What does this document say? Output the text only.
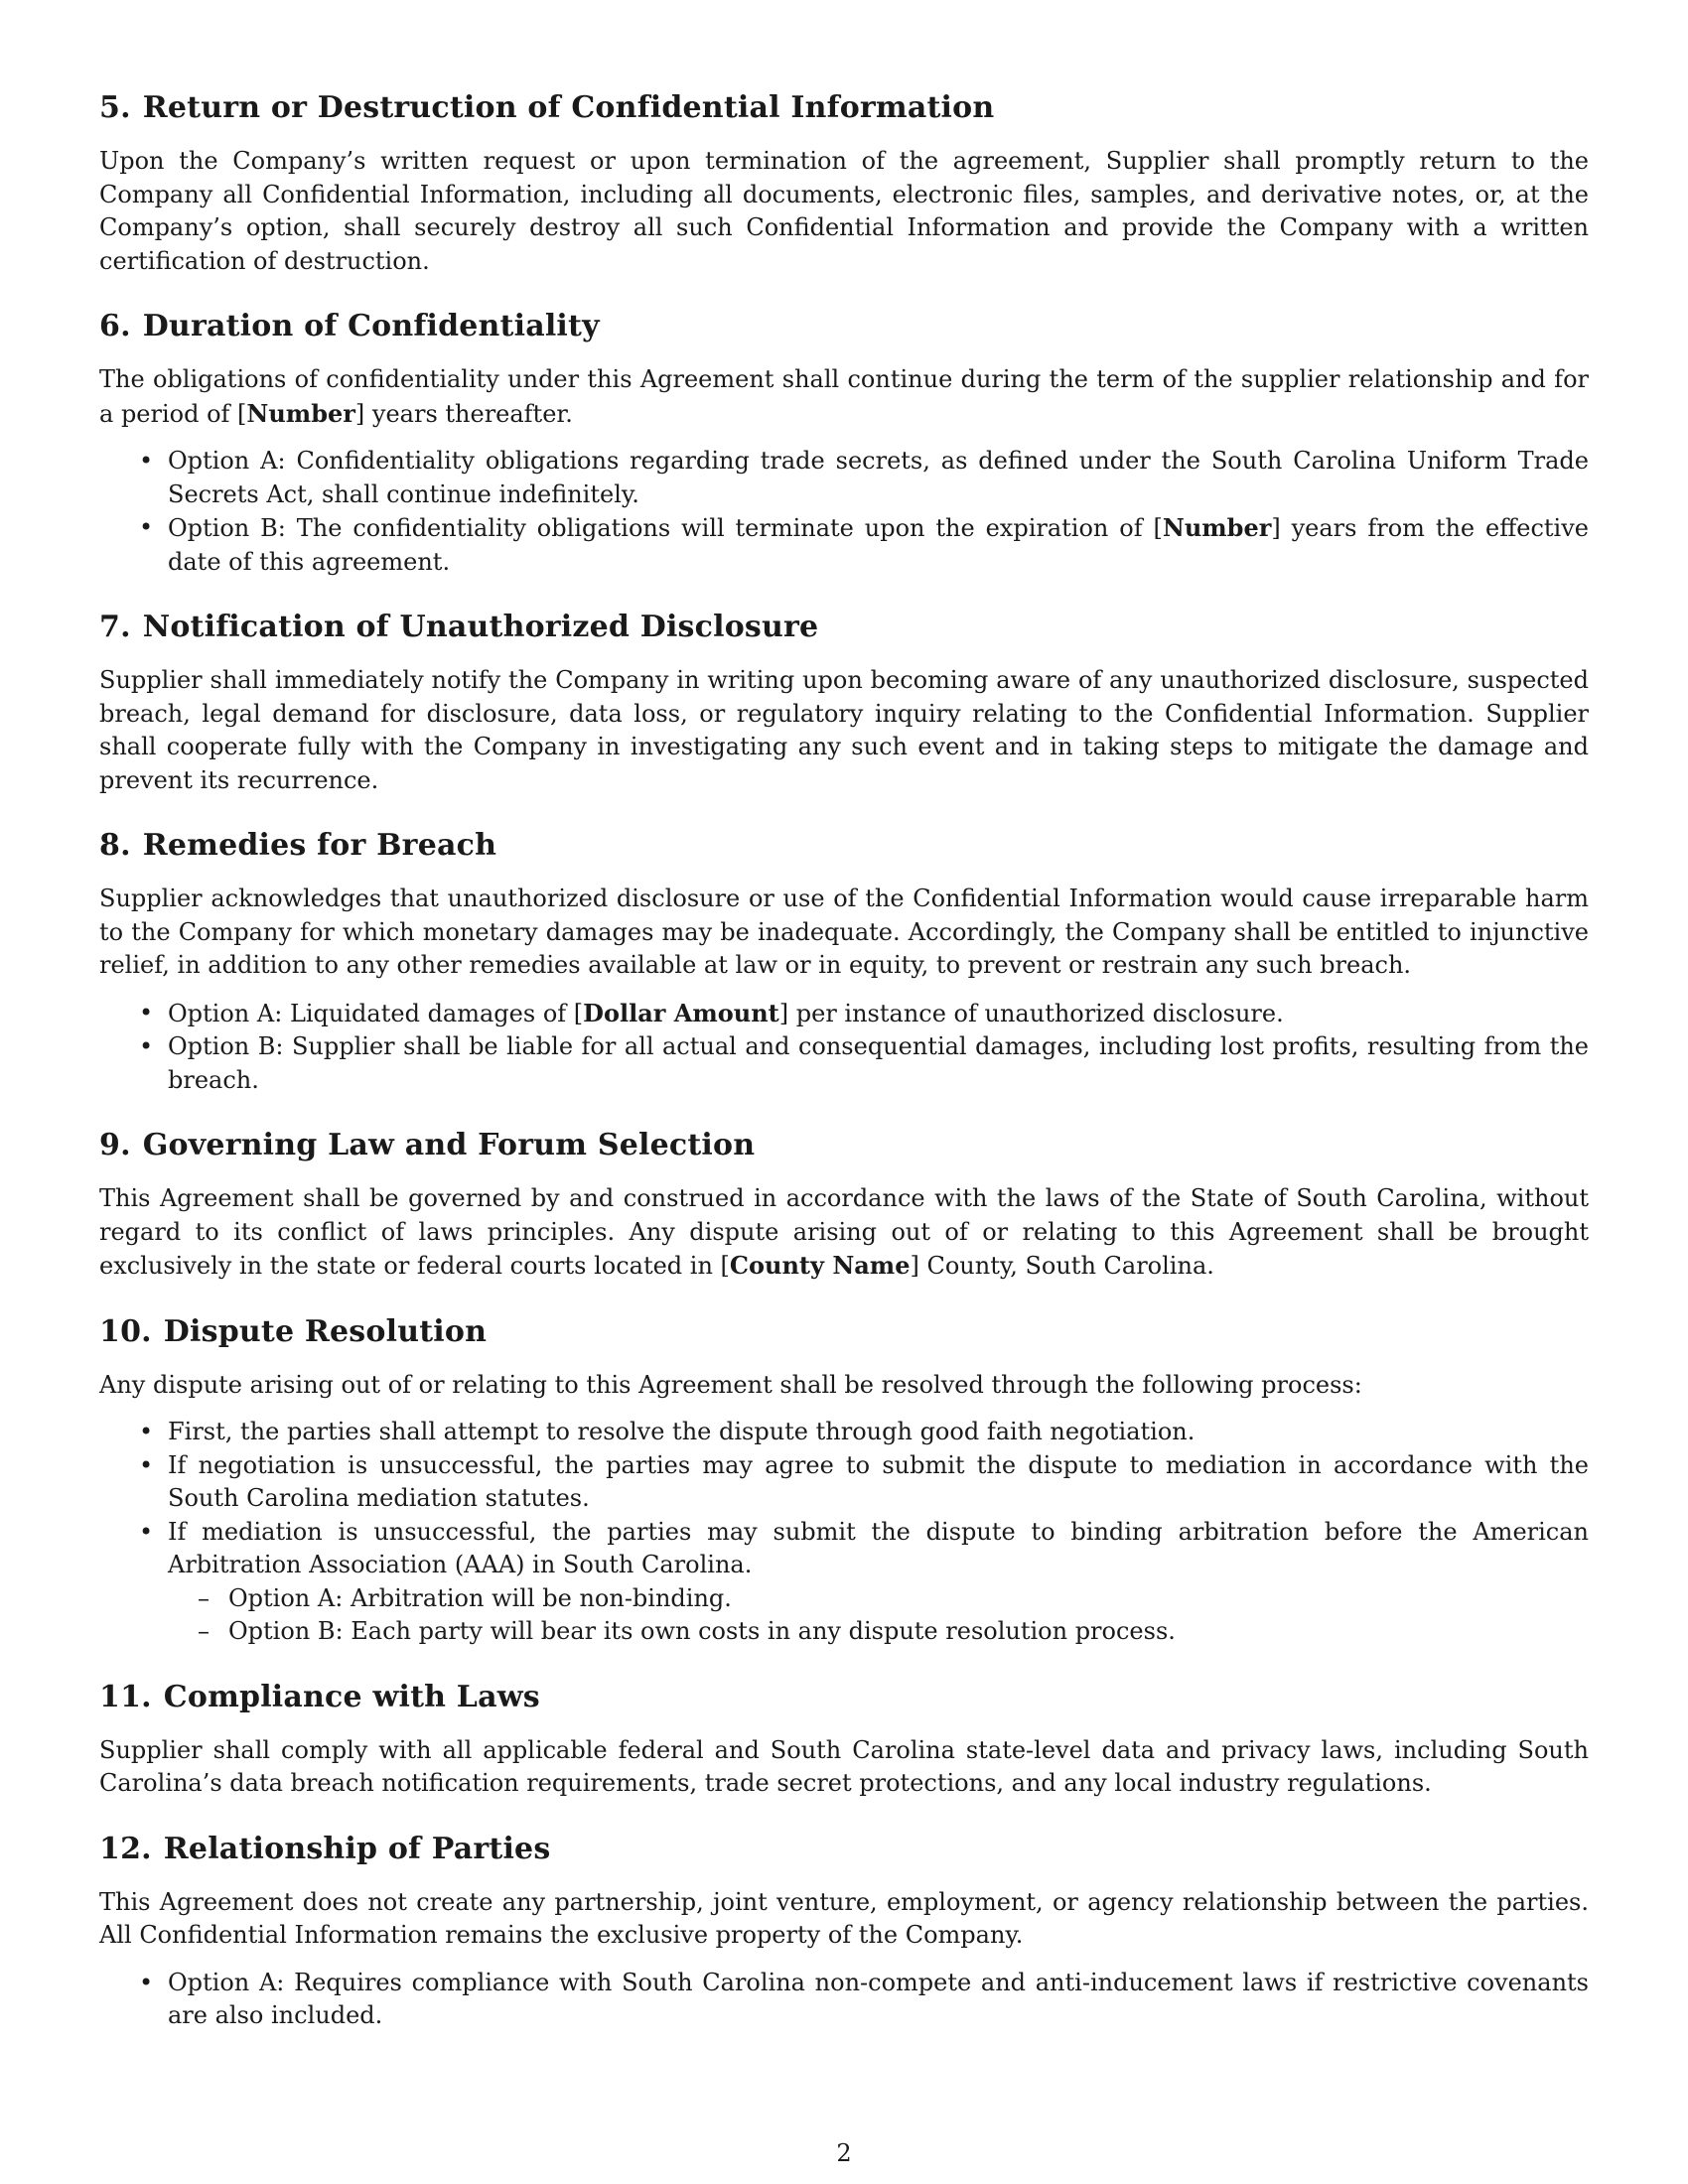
5. Return or Destruction of Confidential Information

Upon the Company’s written request or upon termination of the agreement, Supplier shall promptly return to the Company all Confidential Information, including all documents, electronic files, samples, and derivative notes, or, at the Company’s option, shall securely destroy all such Confidential Information and provide the Company with a written certification of destruction.

6. Duration of Confidentiality

The obligations of confidentiality under this Agreement shall continue during the term of the supplier relationship and for a period of [Number] years thereafter.

• Option A: Confidentiality obligations regarding trade secrets, as defined under the South Carolina Uniform Trade Secrets Act, shall continue indefinitely.
• Option B: The confidentiality obligations will terminate upon the expiration of [Number] years from the effective date of this agreement.
7. Notification of Unauthorized Disclosure

Supplier shall immediately notify the Company in writing upon becoming aware of any unauthorized disclosure, suspected breach, legal demand for disclosure, data loss, or regulatory inquiry relating to the Confidential Information. Supplier shall cooperate fully with the Company in investigating any such event and in taking steps to mitigate the damage and prevent its recurrence.

8. Remedies for Breach

Supplier acknowledges that unauthorized disclosure or use of the Confidential Information would cause irreparable harm to the Company for which monetary damages may be inadequate. Accordingly, the Company shall be entitled to injunctive relief, in addition to any other remedies available at law or in equity, to prevent or restrain any such breach.

• Option A: Liquidated damages of [Dollar Amount] per instance of unauthorized disclosure.
• Option B: Supplier shall be liable for all actual and consequential damages, including lost profits, resulting from the breach.
9. Governing Law and Forum Selection

This Agreement shall be governed by and construed in accordance with the laws of the State of South Carolina, without regard to its conflict of laws principles. Any dispute arising out of or relating to this Agreement shall be brought exclusively in the state or federal courts located in [County Name] County, South Carolina.

10. Dispute Resolution

Any dispute arising out of or relating to this Agreement shall be resolved through the following process:

• First, the parties shall attempt to resolve the dispute through good faith negotiation.
• If negotiation is unsuccessful, the parties may agree to submit the dispute to mediation in accordance with the South Carolina mediation statutes.
• If mediation is unsuccessful, the parties may submit the dispute to binding arbitration before the American Arbitration Association (AAA) in South Carolina.
– Option A: Arbitration will be non-binding.
– Option B: Each party will bear its own costs in any dispute resolution process.
11. Compliance with Laws

Supplier shall comply with all applicable federal and South Carolina state-level data and privacy laws, including South Carolina’s data breach notification requirements, trade secret protections, and any local industry regulations.

12. Relationship of Parties

This Agreement does not create any partnership, joint venture, employment, or agency relationship between the parties. All Confidential Information remains the exclusive property of the Company.

• Option A: Requires compliance with South Carolina non-compete and anti-inducement laws if restrictive covenants are also included.
2
